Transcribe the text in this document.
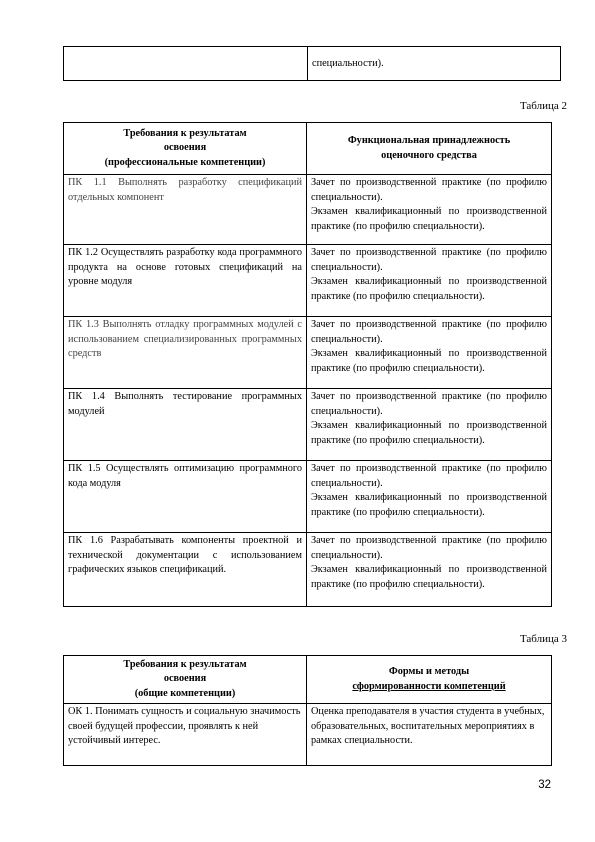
	специальности).
Таблица 2
Требования к результатам
освоения
(профессиональные компетенции)	Функциональная принадлежность
оценочного средства

ПК 1.1 Выполнять разработку спецификаций отдельных компонент	Зачет по производственной практике (по профилю специальности).
Экзамен квалификационный по производственной практике (по профилю специальности).

ПК 1.2 Осуществлять разработку кода программного продукта на основе готовых спецификаций на уровне модуля	Зачет по производственной практике (по профилю специальности).
Экзамен квалификационный по производственной практике (по профилю специальности).

ПК 1.3 Выполнять отладку программных модулей с использованием специализированных программных средств	Зачет по производственной практике (по профилю специальности).
Экзамен квалификационный по производственной практике (по профилю специальности).

ПК 1.4 Выполнять тестирование программных модулей	Зачет по производственной практике (по профилю специальности).
Экзамен квалификационный по производственной практике (по профилю специальности).

ПК 1.5 Осуществлять оптимизацию программного кода модуля	Зачет по производственной практике (по профилю специальности).
Экзамен квалификационный по производственной практике (по профилю специальности).

ПК 1.6 Разрабатывать компоненты проектной и технической документации с использованием графических языков спецификаций.	Зачет по производственной практике (по профилю специальности).
Экзамен квалификационный по производственной практике (по профилю специальности).
Таблица 3
Требования к результатам
освоения
(общие компетенции)	Формы и методы
сформированности компетенций

ОК 1. Понимать сущность и социальную значимость своей будущей профессии, проявлять к ней устойчивый интерес.	Оценка преподавателя в участия студента в учебных, образовательных, воспитательных мероприятиях в рамках специальности.
32
